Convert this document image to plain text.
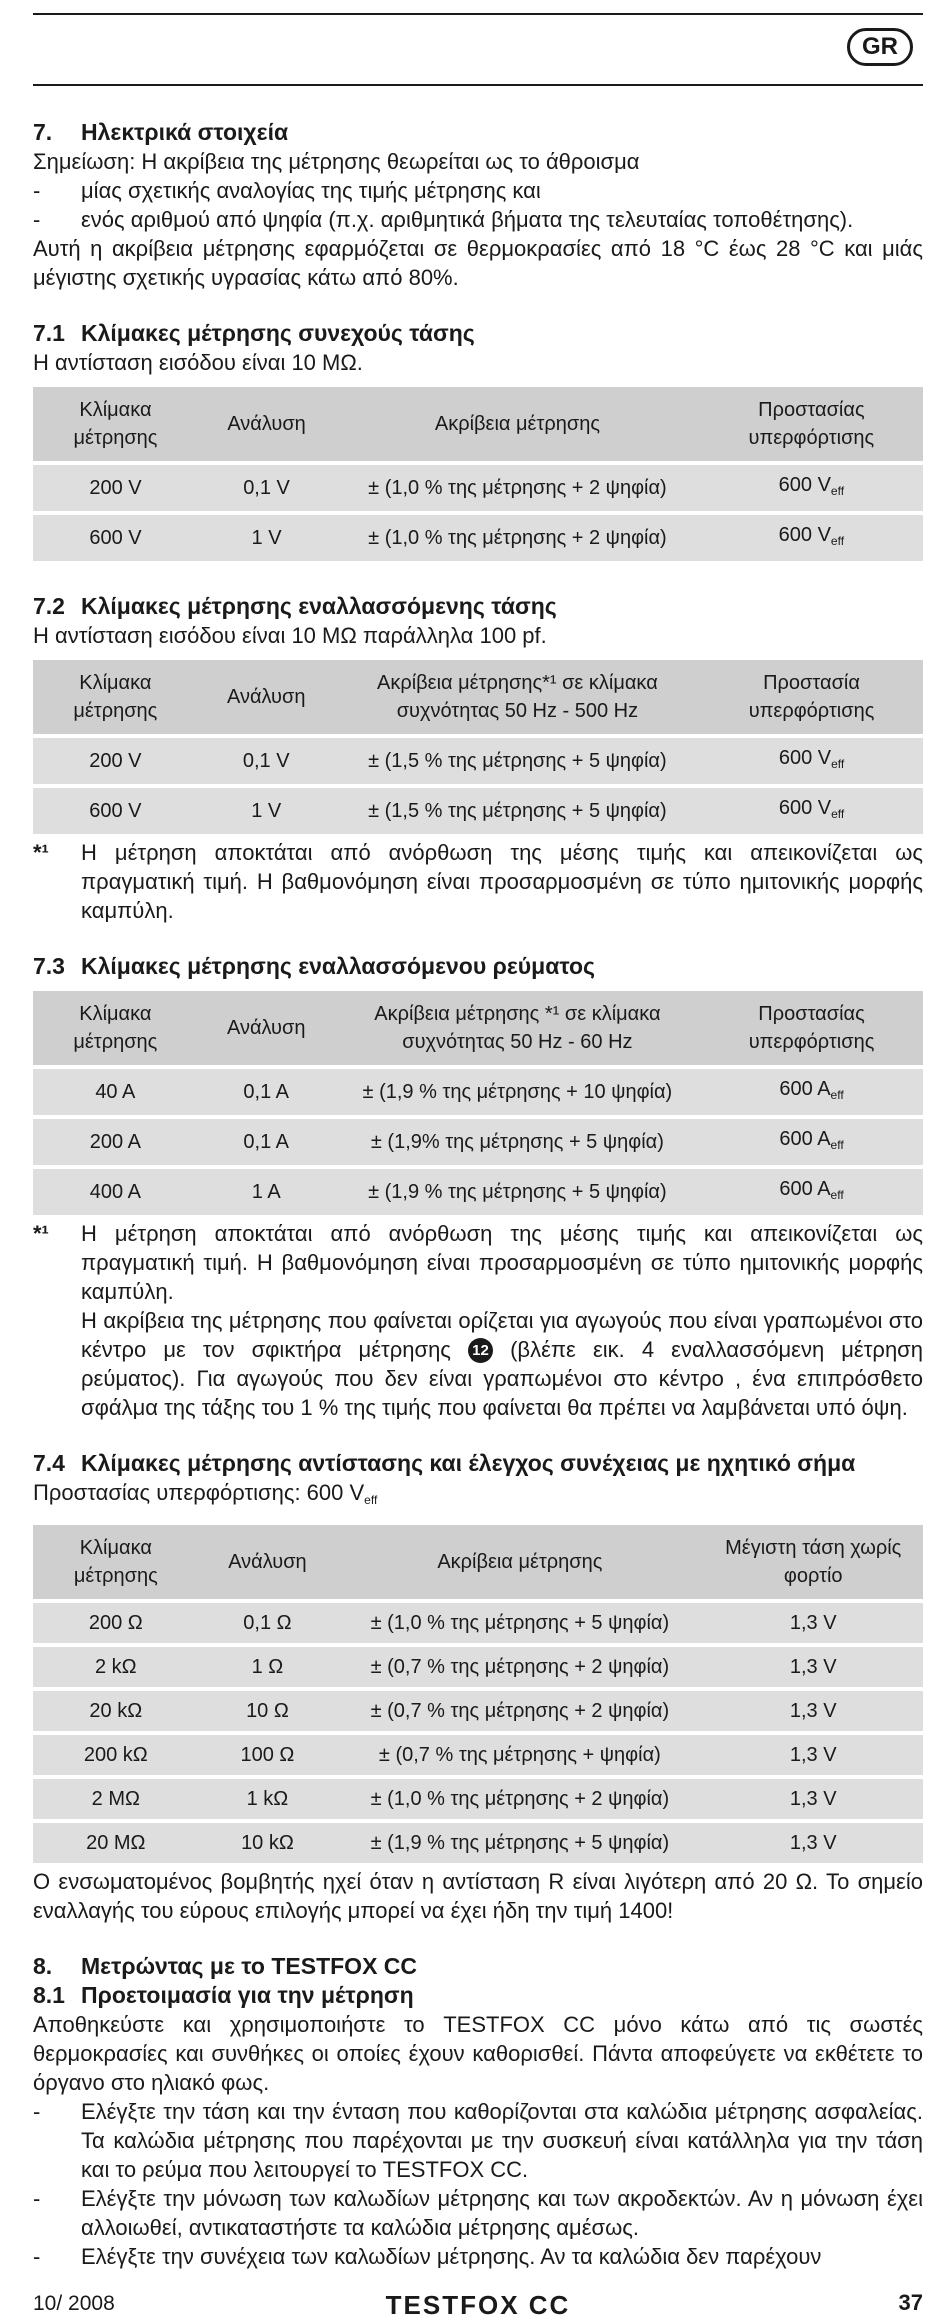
GR
7. Ηλεκτρικά στοιχεία

Σημείωση: Η ακρίβεια της μέτρησης θεωρείται ως το άθροισμα

-	μίας σχετικής αναλογίας της τιμής μέτρησης και
-	ενός αριθμού από ψηφία (π.χ. αριθμητικά βήματα της τελευταίας τοποθέτησης).

Αυτή η ακρίβεια μέτρησης εφαρμόζεται σε θερμοκρασίες από 18 °C έως 28 °C και μιάς μέγιστης σχετικής υγρασίας κάτω από 80%.

7.1 Κλίμακες μέτρησης συνεχούς τάσης

Η αντίσταση εισόδου είναι 10 MΩ.

Κλίμακα μέτρησης	Ανάλυση	Ακρίβεια μέτρησης	Προστασίας υπερφόρτισης
200 V	0,1 V	± (1,0 % της μέτρησης + 2 ψηφία)	600 $V_{eff}$
600 V	1 V	± (1,0 % της μέτρησης + 2 ψηφία)	600 $V_{eff}$
7.2 Κλίμακες μέτρησης εναλλασσόμενης τάσης

Η αντίσταση εισόδου είναι 10 MΩ παράλληλα 100 pf.

Κλίμακα μέτρησης	Ανάλυση	Ακρίβεια μέτρησης*¹ σε κλίμακα συχνότητας 50 Hz - 500 Hz	Προστασία υπερφόρτισης
200 V	0,1 V	± (1,5 % της μέτρησης + 5 ψηφία)	600 $V_{eff}$
600 V	1 V	± (1,5 % της μέτρησης + 5 ψηφία)	600 $V_{eff}$
*¹	Η μέτρηση αποκτάται από ανόρθωση της μέσης τιμής και απεικονίζεται ως πραγματική τιμή. Η βαθμονόμηση είναι προσαρμοσμένη σε τύπο ημιτονικής μορφής καμπύλη.
7.3 Κλίμακες μέτρησης εναλλασσόμενου ρεύματος
Κλίμακα μέτρησης	Ανάλυση	Ακρίβεια μέτρησης *¹ σε κλίμακα συχνότητας 50 Hz - 60 Hz	Προστασίας υπερφόρτισης
40 A	0,1 A	± (1,9 % της μέτρησης + 10 ψηφία)	600 $A_{eff}$
200 A	0,1 A	± (1,9% της μέτρησης + 5 ψηφία)	600 $A_{eff}$
400 A	1 A	± (1,9 % της μέτρησης + 5 ψηφία)	600 $A_{eff}$
*¹	Η μέτρηση αποκτάται από ανόρθωση της μέσης τιμής και απεικονίζεται ως πραγματική τιμή. Η βαθμονόμηση είναι προσαρμοσμένη σε τύπο ημιτονικής μορφής καμπύλη.

Η ακρίβεια της μέτρησης που φαίνεται ορίζεται για αγωγούς που είναι γραπωμένοι στο κέντρο με τον σφικτήρα μέτρησης 12 (βλέπε εικ. 4 εναλλασσόμενη μέτρηση ρεύματος). Για αγωγούς που δεν είναι γραπωμένοι στο κέντρο , ένα επιπρόσθετο σφάλμα της τάξης του 1 % της τιμής που φαίνεται θα πρέπει να λαμβάνεται υπό όψη.

7.4 Κλίμακες μέτρησης αντίστασης και έλεγχος συνέχειας με ηχητικό σήμα

Προστασίας υπερφόρτισης: 600 $V_{eff}$

Κλίμακα μέτρησης	Ανάλυση	Ακρίβεια μέτρησης	Μέγιστη τάση χωρίς φορτίο
200 Ω	0,1 Ω	± (1,0 % της μέτρησης + 5 ψηφία)	1,3 V
2 kΩ	1 Ω	± (0,7 % της μέτρησης + 2 ψηφία)	1,3 V
20 kΩ	10 Ω	± (0,7 % της μέτρησης + 2 ψηφία)	1,3 V
200 kΩ	100 Ω	± (0,7 % της μέτρησης + ψηφία)	1,3 V
2 MΩ	1 kΩ	± (1,0 % της μέτρησης + 2 ψηφία)	1,3 V
20 MΩ	10 kΩ	± (1,9 % της μέτρησης + 5 ψηφία)	1,3 V

Ο ενσωματομένος βομβητής ηχεί όταν η αντίσταση R είναι λιγότερη από 20 Ω. Το σημείο εναλλαγής του εύρους επιλογής μπορεί να έχει ήδη την τιμή 1400!

8. Μετρώντας με το TESTFOX CC
8.1 Προετοιμασία για την μέτρηση

Αποθηκεύστε και χρησιμοποιήστε το TESTFOX CC μόνο κάτω από τις σωστές θερμοκρασίες και συνθήκες οι οποίες έχουν καθορισθεί. Πάντα αποφεύγετε να εκθέτετε το όργανο στο ηλιακό φως.

-	Ελέγξτε την τάση και την ένταση που καθορίζονται στα καλώδια μέτρησης ασφαλείας. Τα καλώδια μέτρησης που παρέχονται με την συσκευή είναι κατάλληλα για την τάση και το ρεύμα που λειτουργεί το TESTFOX CC.
-	Ελέγξτε την μόνωση των καλωδίων μέτρησης και των ακροδεκτών. Αν η μόνωση έχει αλλοιωθεί, αντικαταστήστε τα καλώδια μέτρησης αμέσως.
-	Ελέγξτε την συνέχεια των καλωδίων μέτρησης. Αν τα καλώδια δεν παρέχουν
10/ 2008	TESTFOX CC	37
